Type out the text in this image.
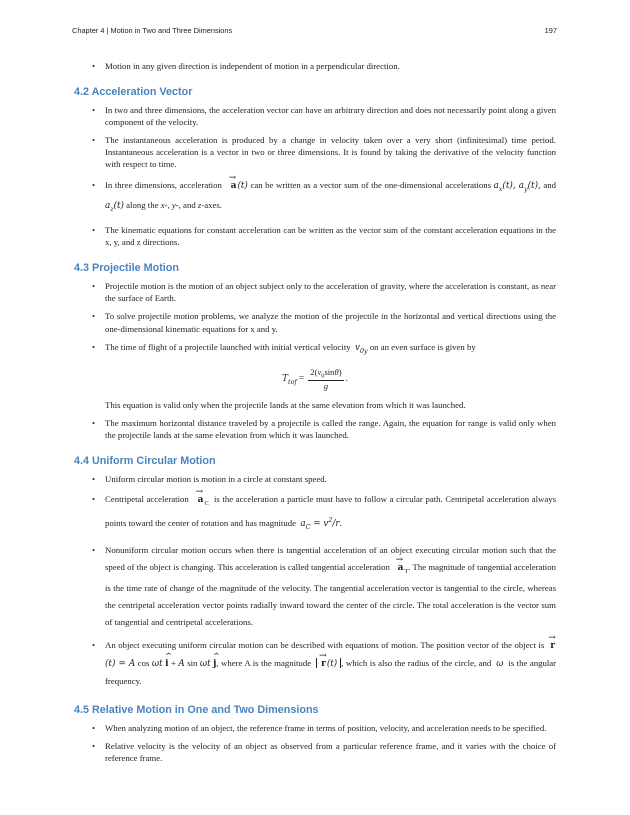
Chapter 4 | Motion in Two and Three Dimensions	197
• Motion in any given direction is independent of motion in a perpendicular direction.
4.2 Acceleration Vector
• In two and three dimensions, the acceleration vector can have an arbitrary direction and does not necessarily point along a given component of the velocity.
• The instantaneous acceleration is produced by a change in velocity taken over a very short (infinitesimal) time period. Instantaneous acceleration is a vector in two or three dimensions. It is found by taking the derivative of the velocity function with respect to time.
• In three dimensions, acceleration → a(t) can be written as a vector sum of the one-dimensional accelerations $a_x(t)$, $a_y(t)$, and $a_z(t)$ along the x-, y-, and z-axes.
• The kinematic equations for constant acceleration can be written as the vector sum of the constant acceleration equations in the x, y, and z directions.
4.3 Projectile Motion
• Projectile motion is the motion of an object subject only to the acceleration of gravity, where the acceleration is constant, as near the surface of Earth.
• To solve projectile motion problems, we analyze the motion of the projectile in the horizontal and vertical directions using the one-dimensional kinematic equations for x and y.
• The time of flight of a projectile launched with initial vertical velocity $v_{0y}$ on an even surface is given by
$T_{tof} = \frac{2(v_0\sin\theta)}{g}$ .

This equation is valid only when the projectile lands at the same elevation from which it was launched.

• The maximum horizontal distance traveled by a projectile is called the range. Again, the equation for range is valid only when the projectile lands at the same elevation from which it was launched.
4.4 Uniform Circular Motion
• Uniform circular motion is motion in a circle at constant speed.
• Centripetal acceleration → $a_C$ is the acceleration a particle must have to follow a circular path. Centripetal acceleration always points toward the center of rotation and has magnitude $a_C = v^2/r$.
• Nonuniform circular motion occurs when there is tangential acceleration of an object executing circular motion such that the speed of the object is changing. This acceleration is called tangential acceleration → $a_T$. The magnitude of tangential acceleration is the time rate of change of the magnitude of the velocity. The tangential acceleration vector is tangential to the circle, whereas the centripetal acceleration vector points radially inward toward the center of the circle. The total acceleration is the vector sum of tangential and centripetal accelerations.
• An object executing uniform circular motion can be described with equations of motion. The position vector of the object is → r(t) = A cos ωt ^ i + A sin ωt ^ j, where A is the magnitude → r(t) , which is also the radius of the circle, and ω is the angular frequency.
4.5 Relative Motion in One and Two Dimensions
• When analyzing motion of an object, the reference frame in terms of position, velocity, and acceleration needs to be specified.
• Relative velocity is the velocity of an object as observed from a particular reference frame, and it varies with the choice of reference frame.
